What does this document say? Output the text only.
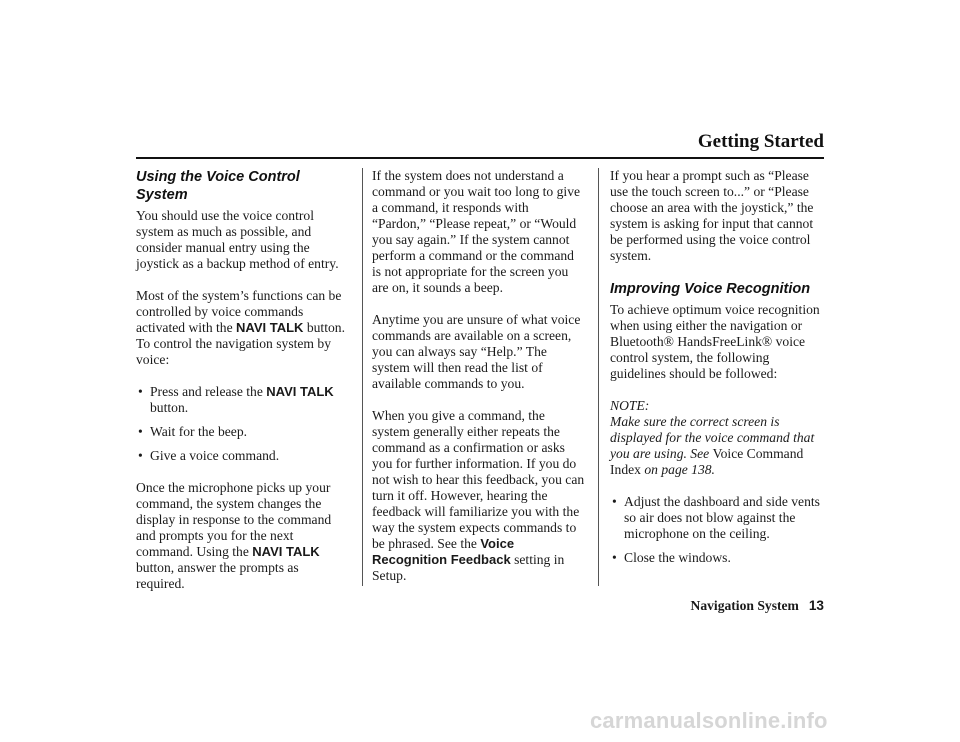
Getting Started
Using the Voice Control System

You should use the voice control system as much as possible, and consider manual entry using the joystick as a backup method of entry.

Most of the system’s functions can be controlled by voice commands activated with the NAVI TALK button. To control the navigation system by voice:

• Press and release the NAVI TALK button.
• Wait for the beep.
• Give a voice command.

Once the microphone picks up your command, the system changes the display in response to the command and prompts you for the next command. Using the NAVI TALK button, answer the prompts as required.

If the system does not understand a command or you wait too long to give a command, it responds with “Pardon,” “Please repeat,” or “Would you say again.” If the system cannot perform a command or the command is not appropriate for the screen you are on, it sounds a beep.

Anytime you are unsure of what voice commands are available on a screen, you can always say “Help.” The system will then read the list of available commands to you.

When you give a command, the system generally either repeats the command as a confirmation or asks you for further information. If you do not wish to hear this feedback, you can turn it off. However, hearing the feedback will familiarize you with the way the system expects commands to be phrased. See the Voice Recognition Feedback setting in Setup.

If you hear a prompt such as “Please use the touch screen to...” or “Please choose an area with the joystick,” the system is asking for input that cannot be performed using the voice control system.

Improving Voice Recognition

To achieve optimum voice recognition when using either the navigation or Bluetooth® HandsFreeLink® voice control system, the following guidelines should be followed:

NOTE:

Make sure the correct screen is displayed for the voice command that you are using. See Voice Command Index on page 138.

• Adjust the dashboard and side vents so air does not blow against the microphone on the ceiling.
• Close the windows.
Navigation System 13
carmanualsonline.info
